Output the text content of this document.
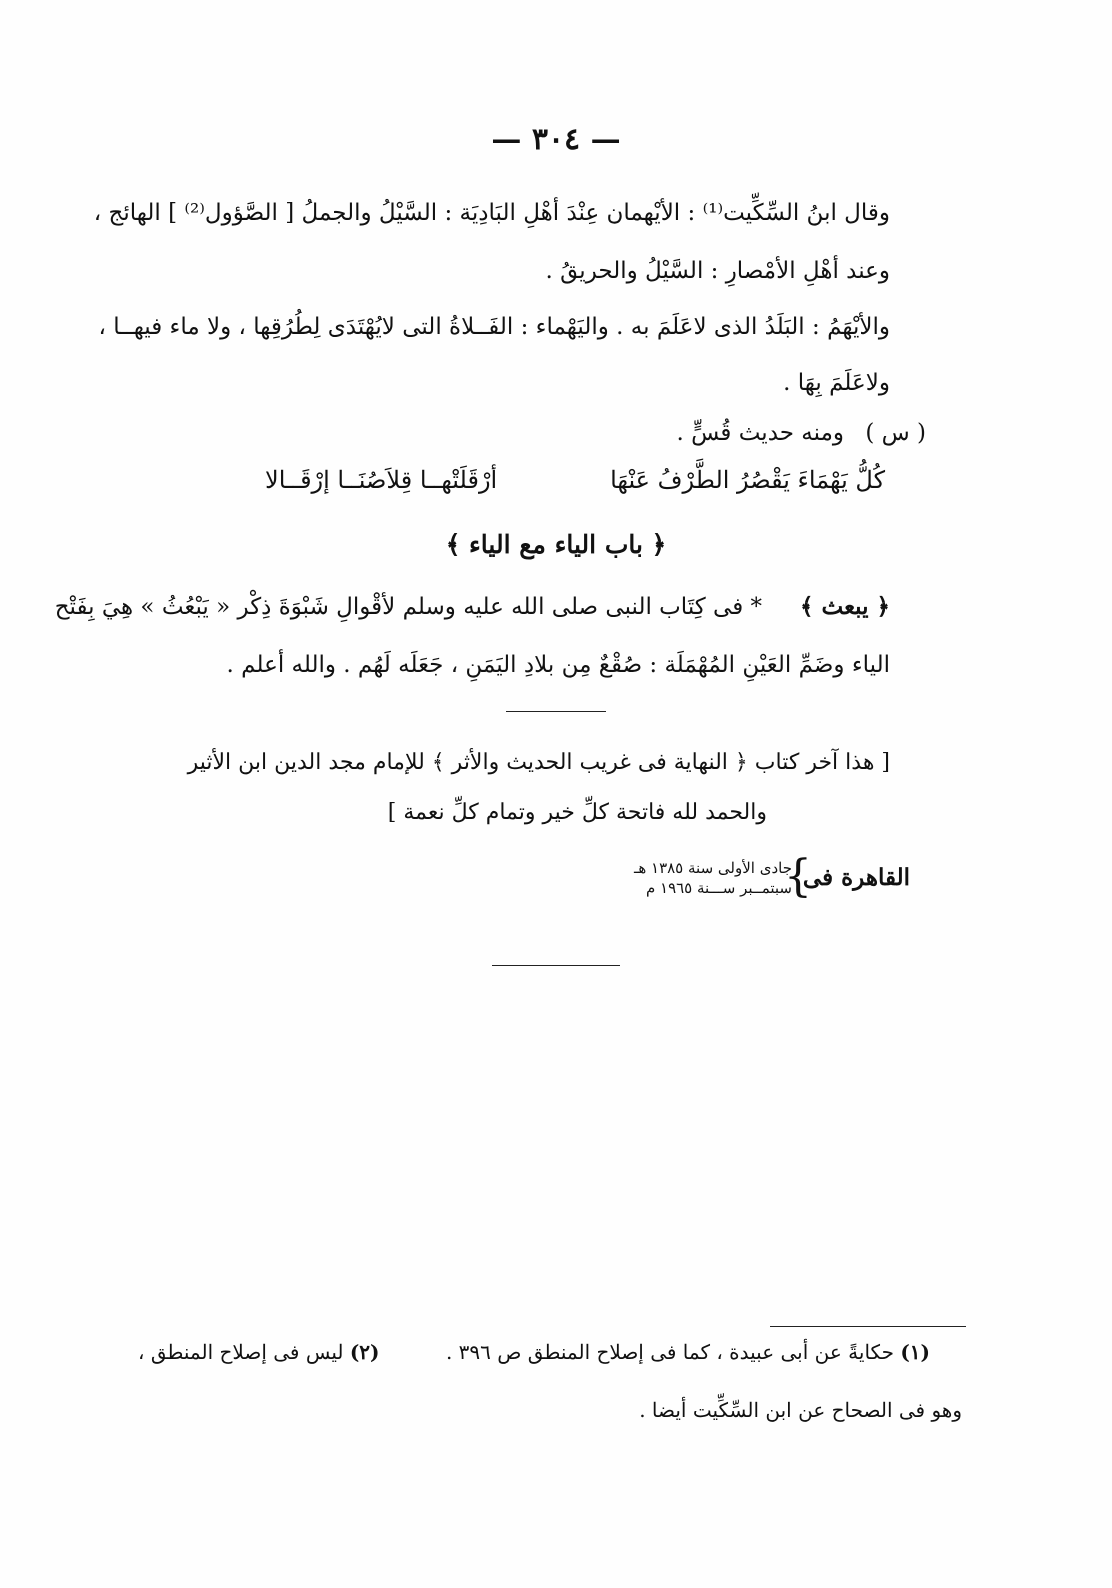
— ٣٠٤ —
وقال ابنُ السِّكِّيت⁽¹⁾ : الأيْهمان عِنْدَ أهْلِ البَادِيَة : السَّيْلُ والجملُ [ الصَّؤول⁽²⁾ ] الهائج ،
وعند أهْلِ الأمْصارِ : السَّيْلُ والحريقُ .
والأيْهَمُ : البَلَدُ الذى لاعَلَمَ به . واليَهْماء : الفَــلاةُ التى لايُهْتَدَى لِطُرُقِها ، ولا ماء فيهــا ،
ولاعَلَمَ بِهَا .
( س )
ومنه حديث قُسٍّ .
كُلُّ يَهْمَاءَ يَقْصُرُ الطَّرْفُ عَنْهَا
أرْقَلَتْهــا قِلاَصُنَــا إرْقَــالا
﴿ باب الياء مع الياء ﴾
﴿ يبعث ﴾
* فى كِتَاب النبى صلى الله عليه وسلم لأقْوالِ شَبْوَةَ ذِكْر « يَبْعُثُ » هِيَ بِفَتْح
الياء وضَمِّ العَيْنِ المُهْمَلَة : صُقْعٌ مِن بلادِ اليَمَنِ ، جَعَلَه لَهُم . والله أعلم .
[ هذا آخر كتاب ﴿ النهاية فى غريب الحديث والأثر ﴾ للإمام مجد الدين ابن الأثير
والحمد لله فاتحة كلِّ خير وتمام كلِّ نعمة ]
القاهرة فى
}
جادى الأولى سنة ١٣٨٥ هـ
سبتمــبر ســـنة ١٩٦٥ م
(١) حكايةً عن أبى عبيدة ، كما فى إصلاح المنطق ص ٣٩٦ .
(٢) ليس فى إصلاح المنطق ،
وهو فى الصحاح عن ابن السِّكِّيت أيضا .
